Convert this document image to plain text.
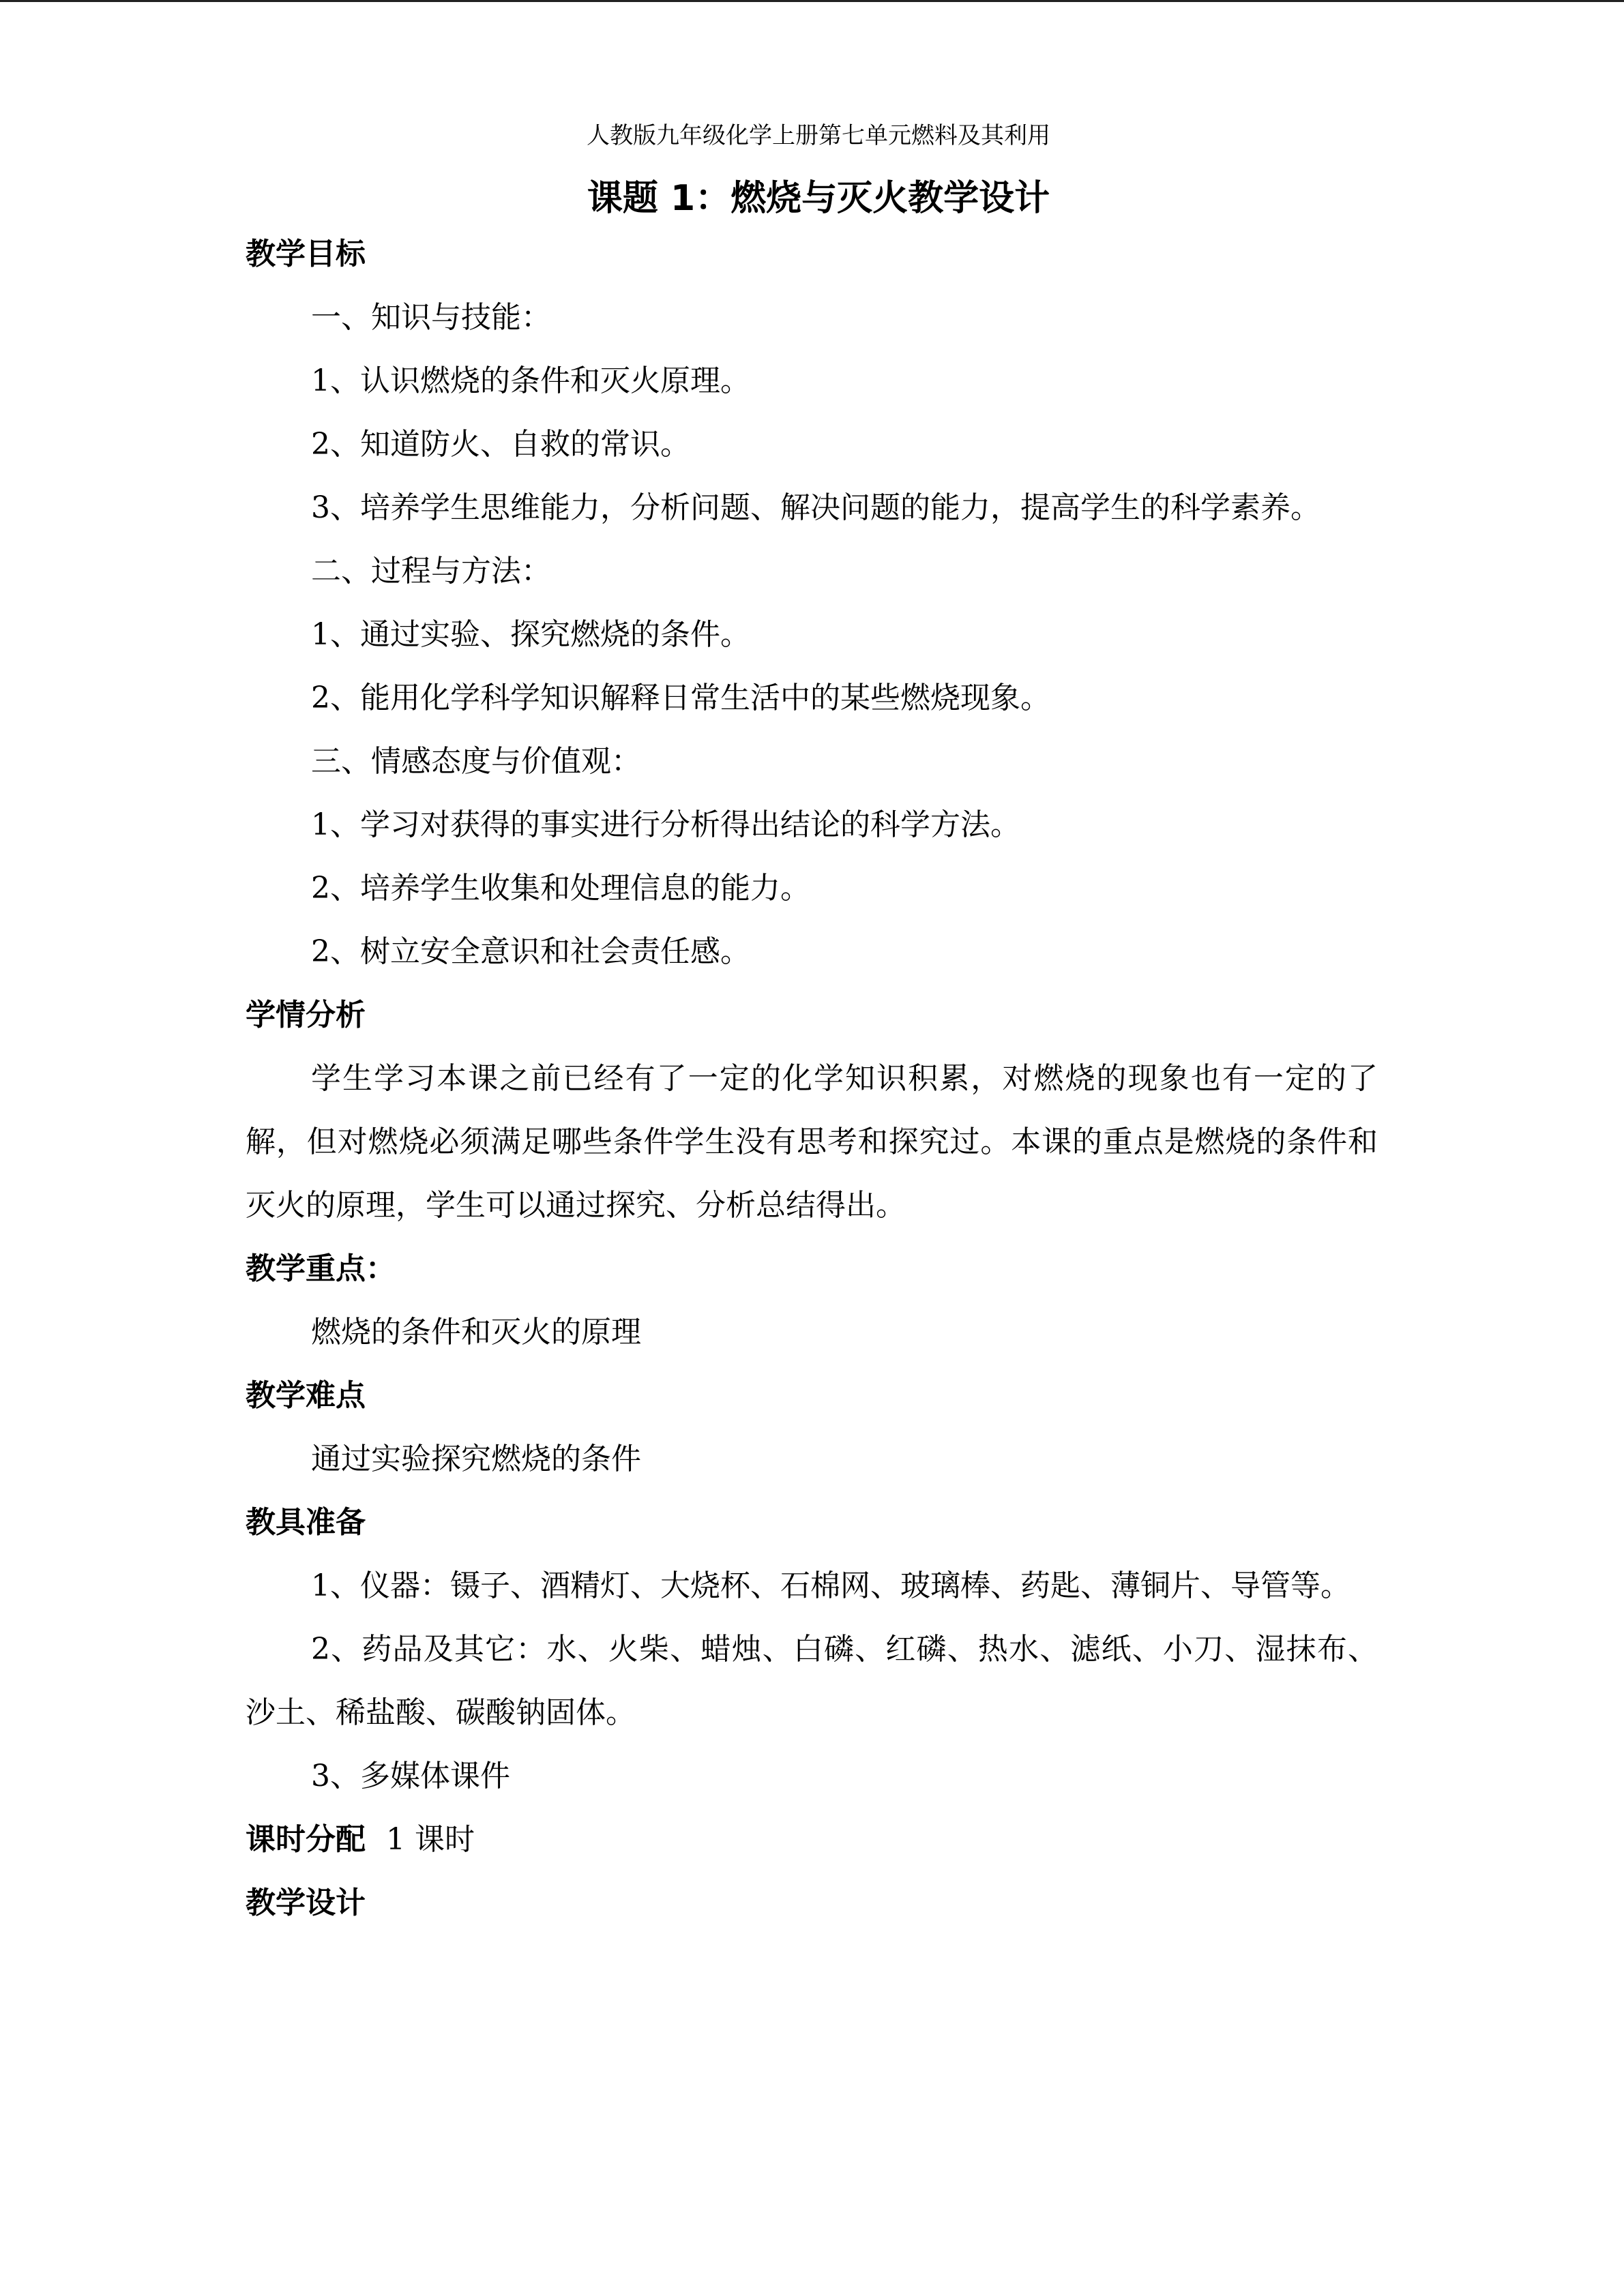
人教版九年级化学上册第七单元燃料及其利用
课题 1：燃烧与灭火教学设计
教学目标

一、知识与技能：

1、认识燃烧的条件和灭火原理。

2、知道防火、自救的常识。

3、培养学生思维能力，分析问题、解决问题的能力，提高学生的科学素养。

二、过程与方法：

1、通过实验、探究燃烧的条件。

2、能用化学科学知识解释日常生活中的某些燃烧现象。

三、情感态度与价值观：

1、学习对获得的事实进行分析得出结论的科学方法。

2、培养学生收集和处理信息的能力。

2、树立安全意识和社会责任感。

学情分析

学生学习本课之前已经有了一定的化学知识积累，对燃烧的现象也有一定的了解，但对燃烧必须满足哪些条件学生没有思考和探究过。本课的重点是燃烧的条件和灭火的原理，学生可以通过探究、分析总结得出。

教学重点：

燃烧的条件和灭火的原理

教学难点

通过实验探究燃烧的条件

教具准备

1、仪器：镊子、酒精灯、大烧杯、石棉网、玻璃棒、药匙、薄铜片、导管等。

2、药品及其它：水、火柴、蜡烛、白磷、红磷、热水、滤纸、小刀、湿抹布、沙土、稀盐酸、碳酸钠固体。

3、多媒体课件

课时分配 1 课时
教学设计
